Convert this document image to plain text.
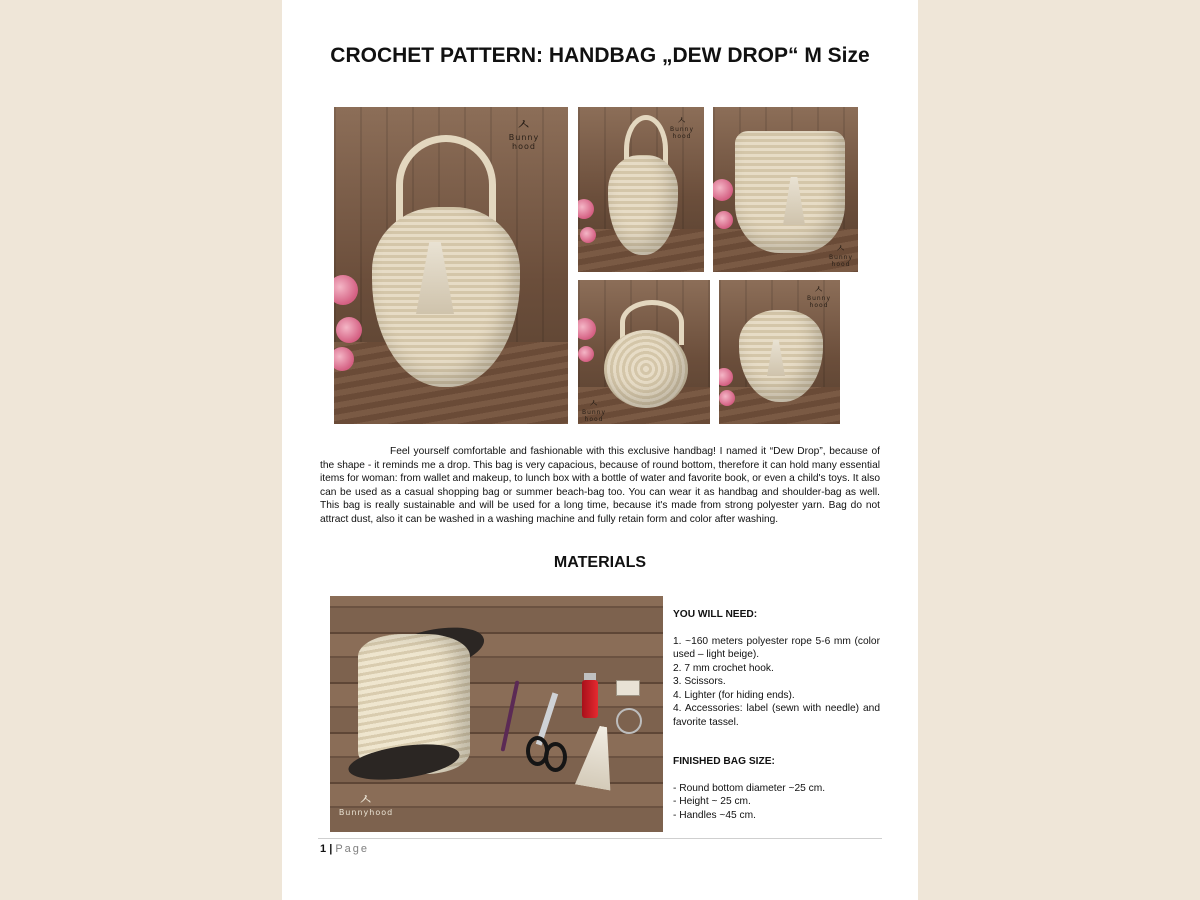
CROCHET PATTERN: HANDBAG „DEW DROP“ M Size
ㅅ
Bunny
hood
ㅅ
Bunny
hood
ㅅ
Bunny
hood
ㅅ
Bunny
hood
ㅅ
Bunny
hood

Feel yourself comfortable and fashionable with this exclusive handbag! I named it “Dew Drop”, because of the shape - it reminds me a drop. This bag is very capacious, because of round bottom, therefore it can hold many essential items for woman: from wallet and makeup, to lunch box with a bottle of water and favorite book, or even a child's toys. It also can be used as a casual shopping bag or summer beach-bag too. You can wear it as handbag and shoulder-bag as well. This bag is really sustainable and will be used for a long time, because it's made from strong polyester yarn. Bag do not attract dust, also it can be washed in a washing machine and fully retain form and color after washing.

MATERIALS
ㅅ
Bunnyhood

YOU WILL NEED:

1. ~160 meters polyester rope 5-6 mm (color used – light beige).
2. 7 mm crochet hook.
3. Scissors.
4. Lighter (for hiding ends).
4. Accessories: label (sewn with needle) and favorite tassel.

FINISHED BAG SIZE:

- Round bottom diameter ~25 cm.
- Height ~ 25 cm.
- Handles ~45 cm.
1 | Page
